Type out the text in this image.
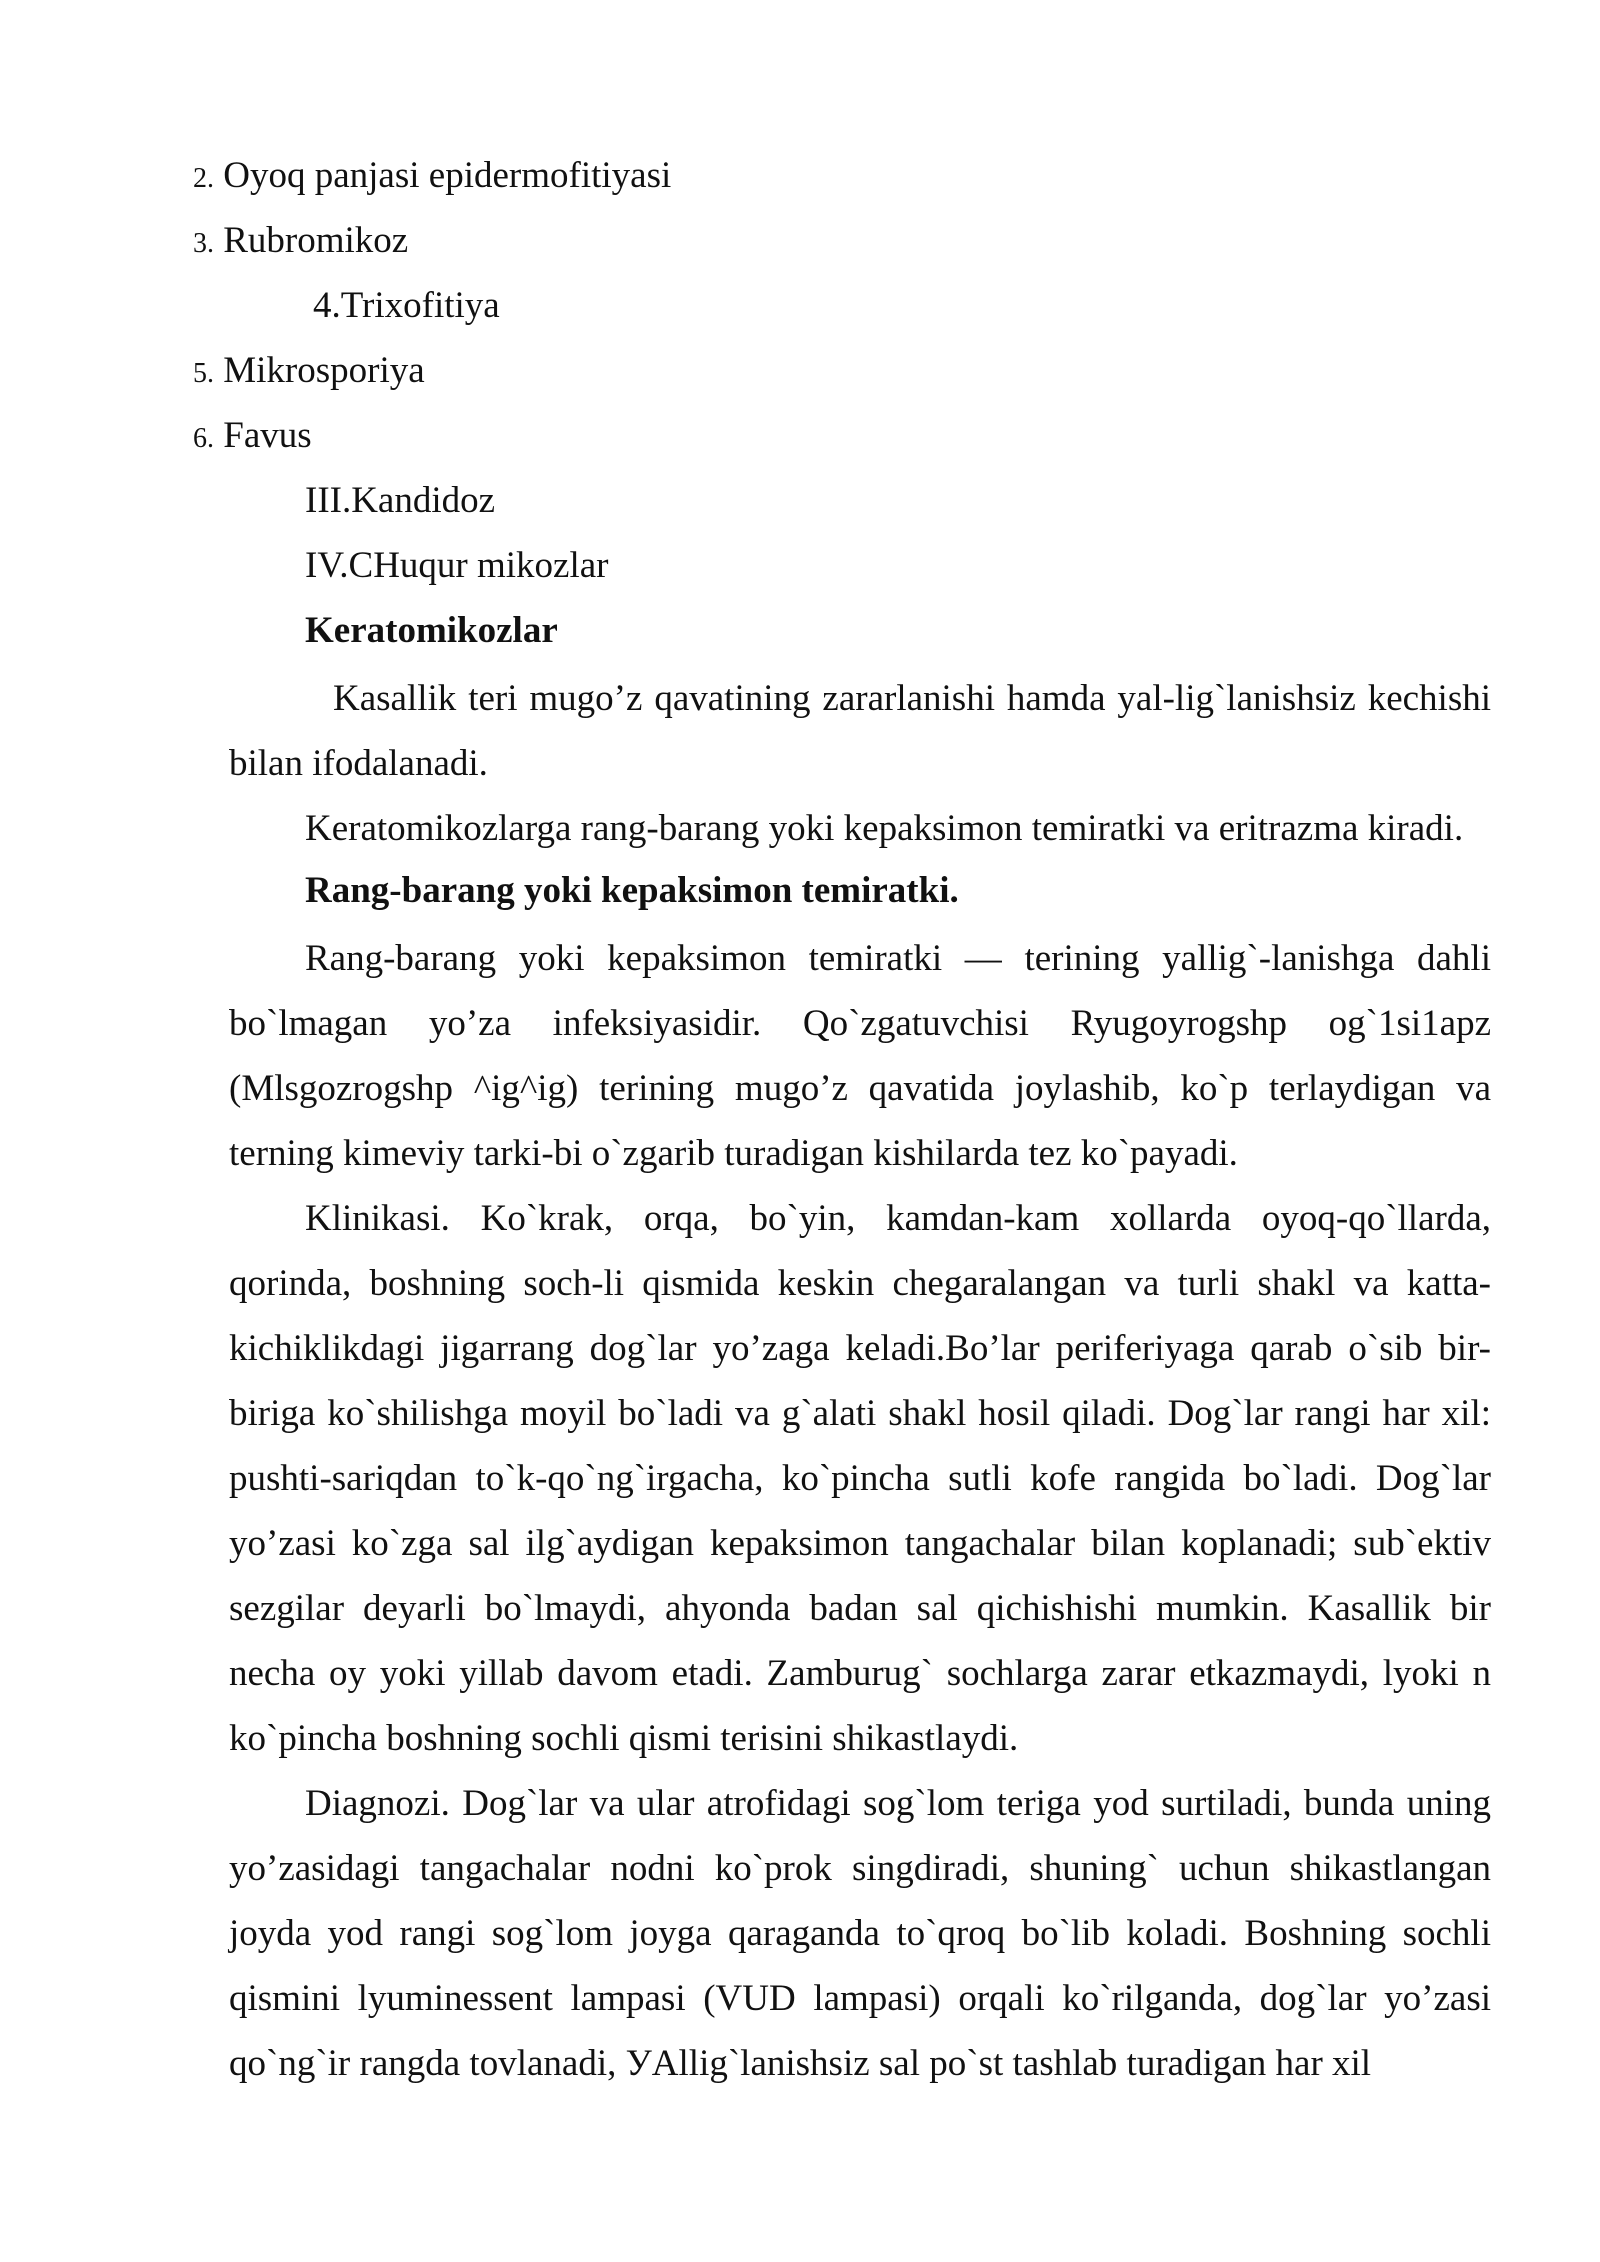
2. Oyoq panjasi epidermofitiyasi
3. Rubromikoz
4.Trixofitiya
5. Mikrosporiya
6. Favus
III.Kandidoz
IV.CHuqur mikozlar
Keratomikozlar
Kasallik teri mugo’z qavatining zararlanishi hamda yal-lig`lanishsiz kechishi bilan ifodalanadi.
Keratomikozlarga rang-barang yoki kepaksimon temiratki va eritrazma kiradi.
Rang-barang yoki kepaksimon temiratki.
Rang-barang yoki kepaksimon temiratki — terining yallig`-lanishga dahli bo`lmagan yo’za infeksiyasidir. Qo`zgatuvchisi Ryugoyrogshp og`1si1apz (Mlsgozrogshp ^ig^ig) terining mugo’z qavatida joylashib, ko`p terlaydigan va terning kimeviy tarki-bi o`zgarib turadigan kishilarda tez ko`payadi.
Klinikasi. Ko`krak, orqa, bo`yin, kamdan-kam xollarda oyoq-qo`llarda, qorinda, boshning soch-li qismida keskin chegaralangan va turli shakl va katta-kichiklikdagi jigarrang dog`lar yo’zaga keladi.Bo’lar periferiyaga qarab o`sib bir-biriga ko`shilishga moyil bo`ladi va g`alati shakl hosil qiladi. Dog`lar rangi har xil: pushti-sariqdan to`k-qo`ng`irgacha, ko`pincha sutli kofe rangida bo`ladi. Dog`lar yo’zasi ko`zga sal ilg`aydigan kepaksimon tangachalar bilan koplanadi; sub`ektiv sezgilar deyarli bo`lmaydi, ahyonda badan sal qichishishi mumkin. Kasallik bir necha oy yoki yillab davom etadi. Zamburug` sochlarga zarar etkazmaydi, lyoki n ko`pincha boshning sochli qismi terisini shikastlaydi.
Diagnozi. Dog`lar va ular atrofidagi sog`lom teriga yod surtiladi, bunda uning yo’zasidagi tangachalar nodni ko`prok singdiradi, shuning` uchun shikastlangan joyda yod rangi sog`lom joyga qaraganda to`qroq bo`lib koladi. Boshning sochli qismini lyuminessent lampasi (VUD lampasi) orqali ko`rilganda, dog`lar yo’zasi qo`ng`ir rangda tovlanadi, УAllig`lanishsiz sal po`st tashlab turadigan har xil
